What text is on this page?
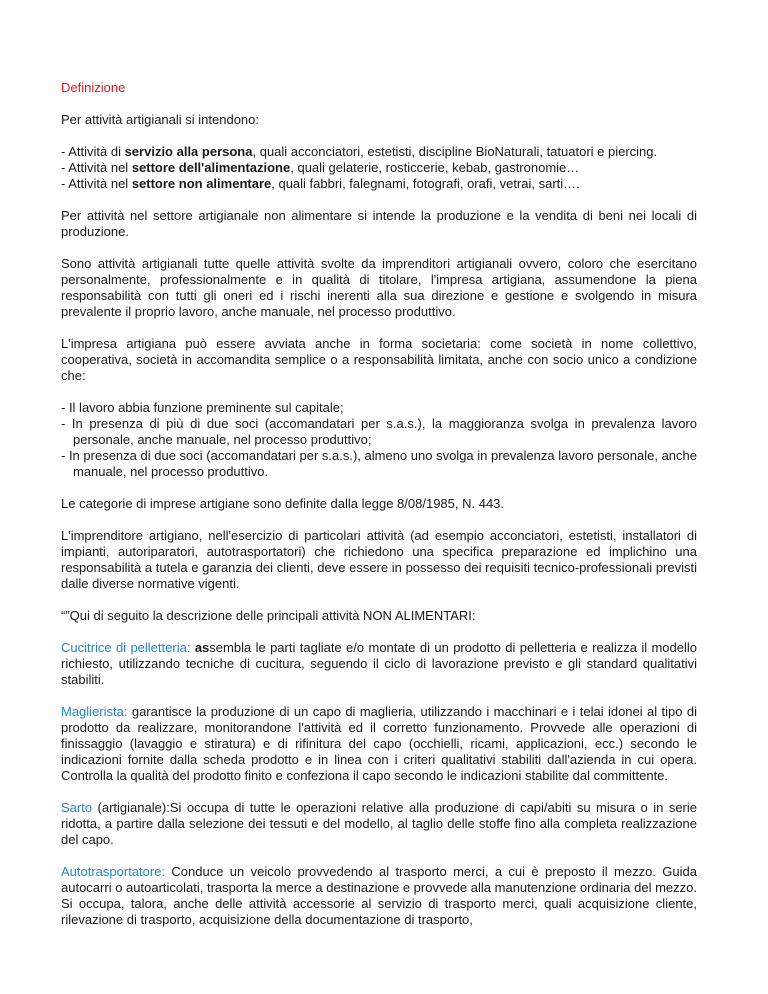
Definizione

Per attività artigianali si intendono:

- Attività di servizio alla persona, quali acconciatori, estetisti, discipline BioNaturali, tatuatori e piercing.
- Attività nel settore dell'alimentazione, quali gelaterie, rosticcerie, kebab, gastronomie…
- Attività nel settore non alimentare, quali fabbri, falegnami, fotografi, orafi, vetrai, sarti….

Per attività nel settore artigianale non alimentare si intende la produzione e la vendita di beni nei locali di produzione.

Sono attività artigianali tutte quelle attività svolte da imprenditori artigianali ovvero, coloro che esercitano personalmente, professionalmente e in qualità di titolare, l'impresa artigiana, assumendone la piena responsabilità con tutti gli oneri ed i rischi inerenti alla sua direzione e gestione e svolgendo in misura prevalente il proprio lavoro, anche manuale, nel processo produttivo.

L'impresa artigiana può essere avviata anche in forma societaria: come società in nome collettivo, cooperativa, società in accomandita semplice o a responsabilità limitata, anche con socio unico a condizione che:

- Il lavoro abbia funzione preminente sul capitale;
- In presenza di più di due soci (accomandatari per s.a.s.), la maggioranza svolga in prevalenza lavoro personale, anche manuale, nel processo produttivo;
- In presenza di due soci (accomandatari per s.a.s.), almeno uno svolga in prevalenza lavoro personale, anche manuale, nel processo produttivo.

Le categorie di imprese artigiane sono definite dalla legge 8/08/1985, N. 443.

L'imprenditore artigiano, nell'esercizio di particolari attività (ad esempio acconciatori, estetisti, installatori di impianti, autoriparatori, autotrasportatori) che richiedono una specifica preparazione ed implichino una responsabilità a tutela e garanzia dei clienti, deve essere in possesso dei requisiti tecnico-professionali previsti dalle diverse normative vigenti.

“”Qui di seguito la descrizione delle principali attività NON ALIMENTARI:

Cucitrice di pelletteria: assembla le parti tagliate e/o montate di un prodotto di pelletteria e realizza il modello richiesto, utilizzando tecniche di cucitura, seguendo il ciclo di lavorazione previsto e gli standard qualitativi stabiliti.

Maglierista: garantisce la produzione di un capo di maglieria, utilizzando i macchinari e i telai idonei al tipo di prodotto da realizzare, monitorandone l'attività ed il corretto funzionamento. Provvede alle operazioni di finissaggio (lavaggio e stiratura) e di rifinitura del capo (occhielli, ricami, applicazioni, ecc.) secondo le indicazioni fornite dalla scheda prodotto e in linea con i criteri qualitativi stabiliti dall'azienda in cui opera. Controlla la qualità del prodotto finito e confeziona il capo secondo le indicazioni stabilite dal committente.

Sarto (artigianale):Si occupa di tutte le operazioni relative alla produzione di capi/abiti su misura o in serie ridotta, a partire dalla selezione dei tessuti e del modello, al taglio delle stoffe fino alla completa realizzazione del capo.

Autotrasportatore: Conduce un veicolo provvedendo al trasporto merci, a cui è preposto il mezzo. Guida autocarri o autoarticolati, trasporta la merce a destinazione e provvede alla manutenzione ordinaria del mezzo. Si occupa, talora, anche delle attività accessorie al servizio di trasporto merci, quali acquisizione cliente, rilevazione di trasporto, acquisizione della documentazione di trasporto,
